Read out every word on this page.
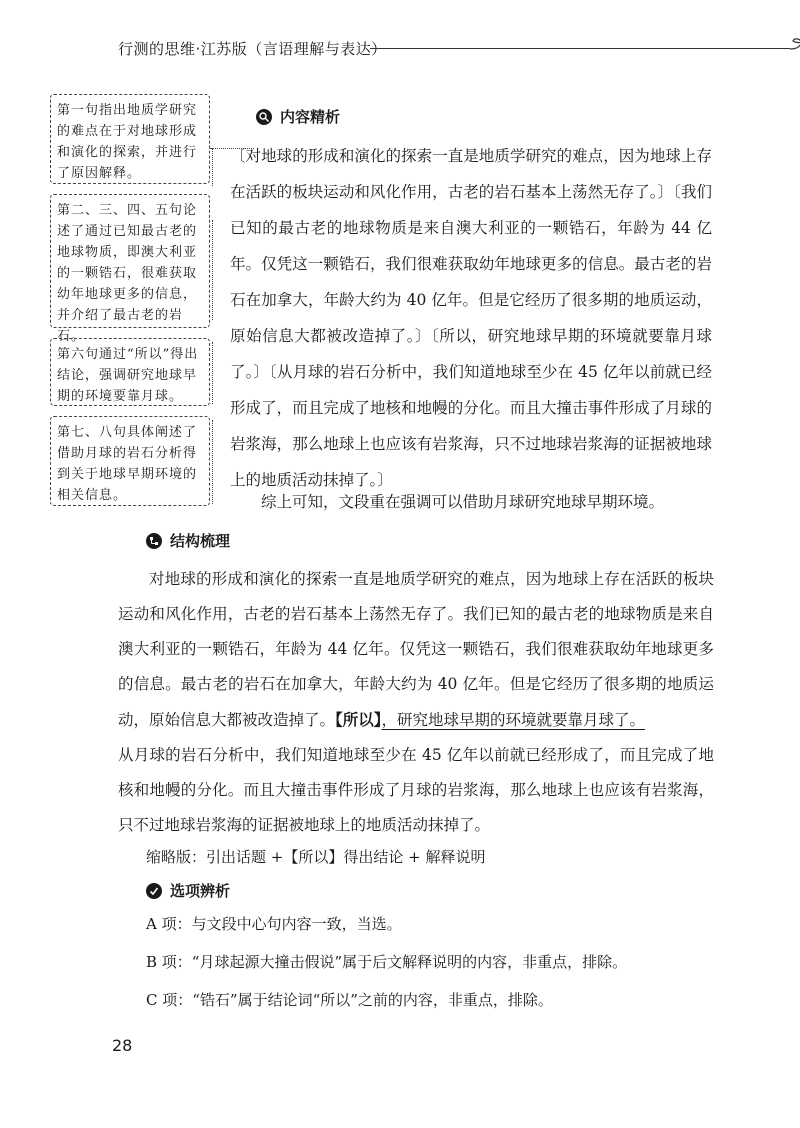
行测的思维·江苏版（言语理解与表达）
第一句指出地质学研究的难点在于对地球形成和演化的探索，并进行了原因解释。
第二、三、四、五句论述了通过已知最古老的地球物质，即澳大利亚的一颗锆石，很难获取幼年地球更多的信息，并介绍了最古老的岩石。
第六句通过“所以”得出结论，强调研究地球早期的环境要靠月球。
第七、八句具体阐述了借助月球的岩石分析得到关于地球早期环境的相关信息。
内容精析

〔对地球的形成和演化的探索一直是地质学研究的难点，因为地球上存在活跃的板块运动和风化作用，古老的岩石基本上荡然无存了。〕〔我们已知的最古老的地球物质是来自澳大利亚的一颗锆石，年龄为 44 亿年。仅凭这一颗锆石，我们很难获取幼年地球更多的信息。最古老的岩石在加拿大，年龄大约为 40 亿年。但是它经历了很多期的地质运动，原始信息大都被改造掉了。〕〔所以，研究地球早期的环境就要靠月球了。〕〔从月球的岩石分析中，我们知道地球至少在 45 亿年以前就已经形成了，而且完成了地核和地幔的分化。而且大撞击事件形成了月球的岩浆海，那么地球上也应该有岩浆海，只不过地球岩浆海的证据被地球上的地质活动抹掉了。〕

综上可知，文段重在强调可以借助月球研究地球早期环境。
结构梳理

对地球的形成和演化的探索一直是地质学研究的难点，因为地球上存在活跃的板块运动和风化作用，古老的岩石基本上荡然无存了。我们已知的最古老的地球物质是来自澳大利亚的一颗锆石，年龄为 44 亿年。仅凭这一颗锆石，我们很难获取幼年地球更多的信息。最古老的岩石在加拿大，年龄大约为 40 亿年。但是它经历了很多期的地质运动，原始信息大都被改造掉了。【所以】，研究地球早期的环境就要靠月球了。

从月球的岩石分析中，我们知道地球至少在 45 亿年以前就已经形成了，而且完成了地核和地幔的分化。而且大撞击事件形成了月球的岩浆海，那么地球上也应该有岩浆海，只不过地球岩浆海的证据被地球上的地质活动抹掉了。

缩略版：引出话题 +【所以】得出结论 + 解释说明
选项辨析
A 项：与文段中心句内容一致，当选。
B 项：“月球起源大撞击假说”属于后文解释说明的内容，非重点，排除。
C 项：“锆石”属于结论词“所以”之前的内容，非重点，排除。
28
